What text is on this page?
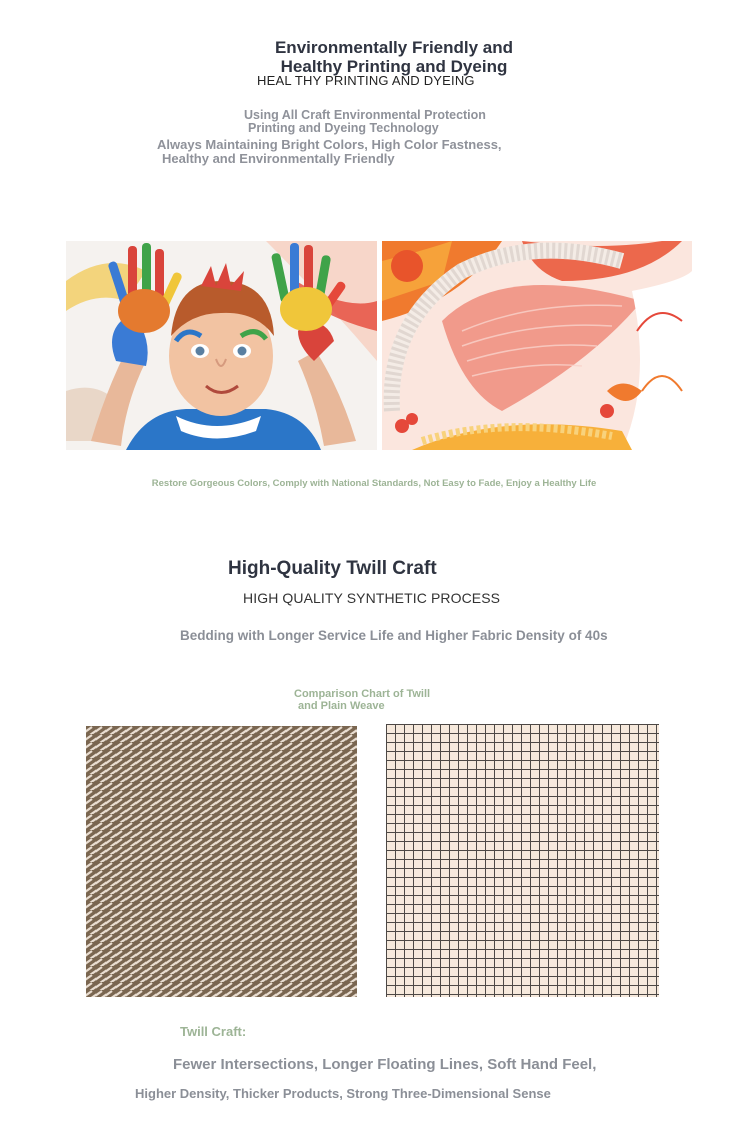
Environmentally Friendly and
Healthy Printing and Dyeing
HEAL THY PRINTING AND DYEING
Using All Craft Environmental Protection
Printing and Dyeing Technology
Always Maintaining Bright Colors, High Color Fastness,
Healthy and Environmentally Friendly
Restore Gorgeous Colors, Comply with National Standards, Not Easy to Fade, Enjoy a Healthy Life
High-Quality Twill Craft
HIGH QUALITY SYNTHETIC PROCESS
Bedding with Longer Service Life and Higher Fabric Density of 40s
Comparison Chart of Twill
and Plain Weave
Twill Craft:
Fewer Intersections, Longer Floating Lines, Soft Hand Feel,
Higher Density, Thicker Products, Strong Three-Dimensional Sense
